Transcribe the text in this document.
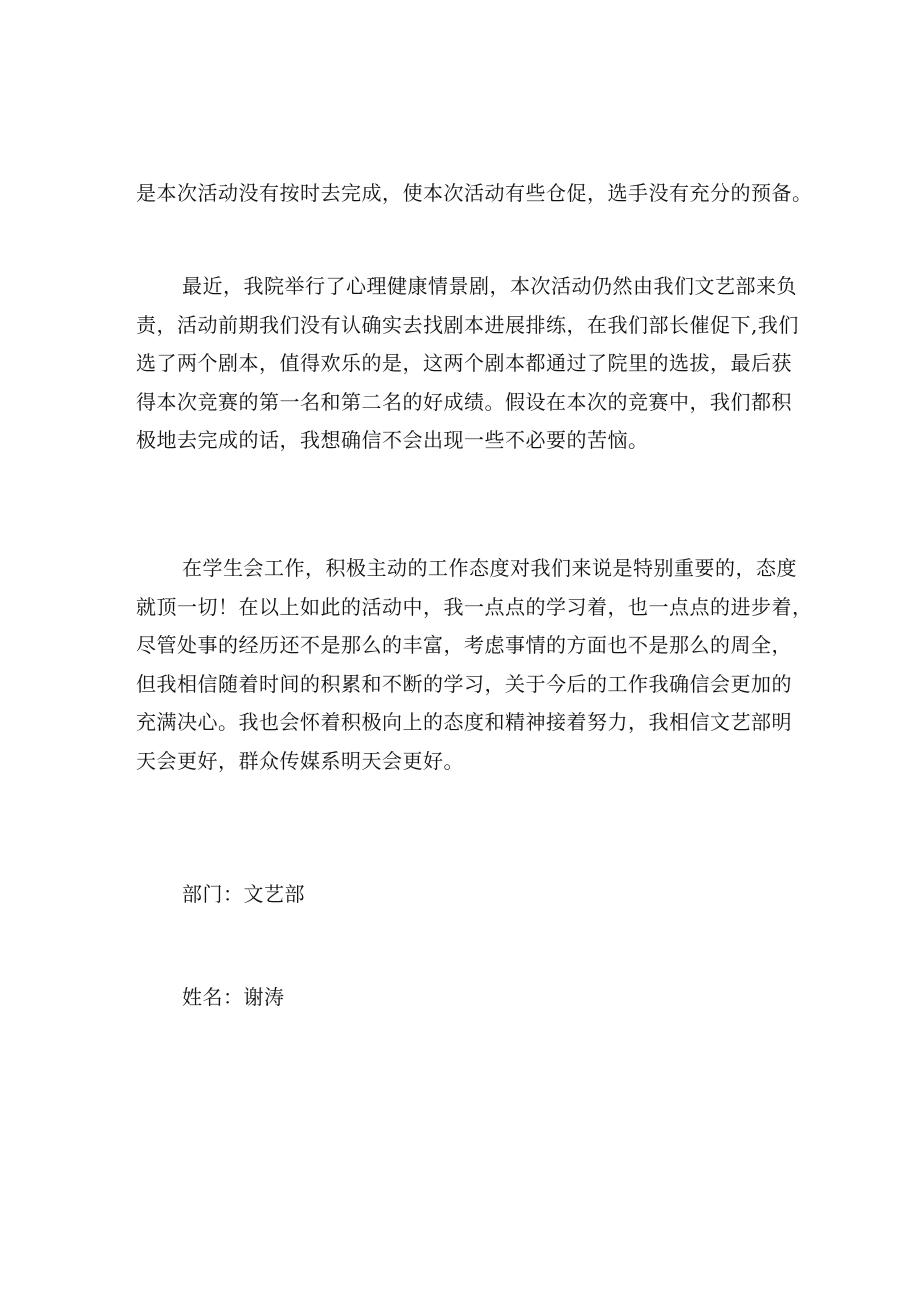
是本次活动没有按时去完成，使本次活动有些仓促，选手没有充分的预备。
最近，我院举行了心理健康情景剧，本次活动仍然由我们文艺部来负
责，活动前期我们没有认确实去找剧本进展排练，在我们部长催促下,我们
选了两个剧本，值得欢乐的是，这两个剧本都通过了院里的选拔，最后获
得本次竞赛的第一名和第二名的好成绩。假设在本次的竞赛中，我们都积
极地去完成的话，我想确信不会出现一些不必要的苦恼。
在学生会工作，积极主动的工作态度对我们来说是特别重要的，态度
就顶一切！在以上如此的活动中，我一点点的学习着，也一点点的进步着，
尽管处事的经历还不是那么的丰富，考虑事情的方面也不是那么的周全，
但我相信随着时间的积累和不断的学习，关于今后的工作我确信会更加的
充满决心。我也会怀着积极向上的态度和精神接着努力，我相信文艺部明
天会更好，群众传媒系明天会更好。
部门：文艺部
姓名：谢涛
